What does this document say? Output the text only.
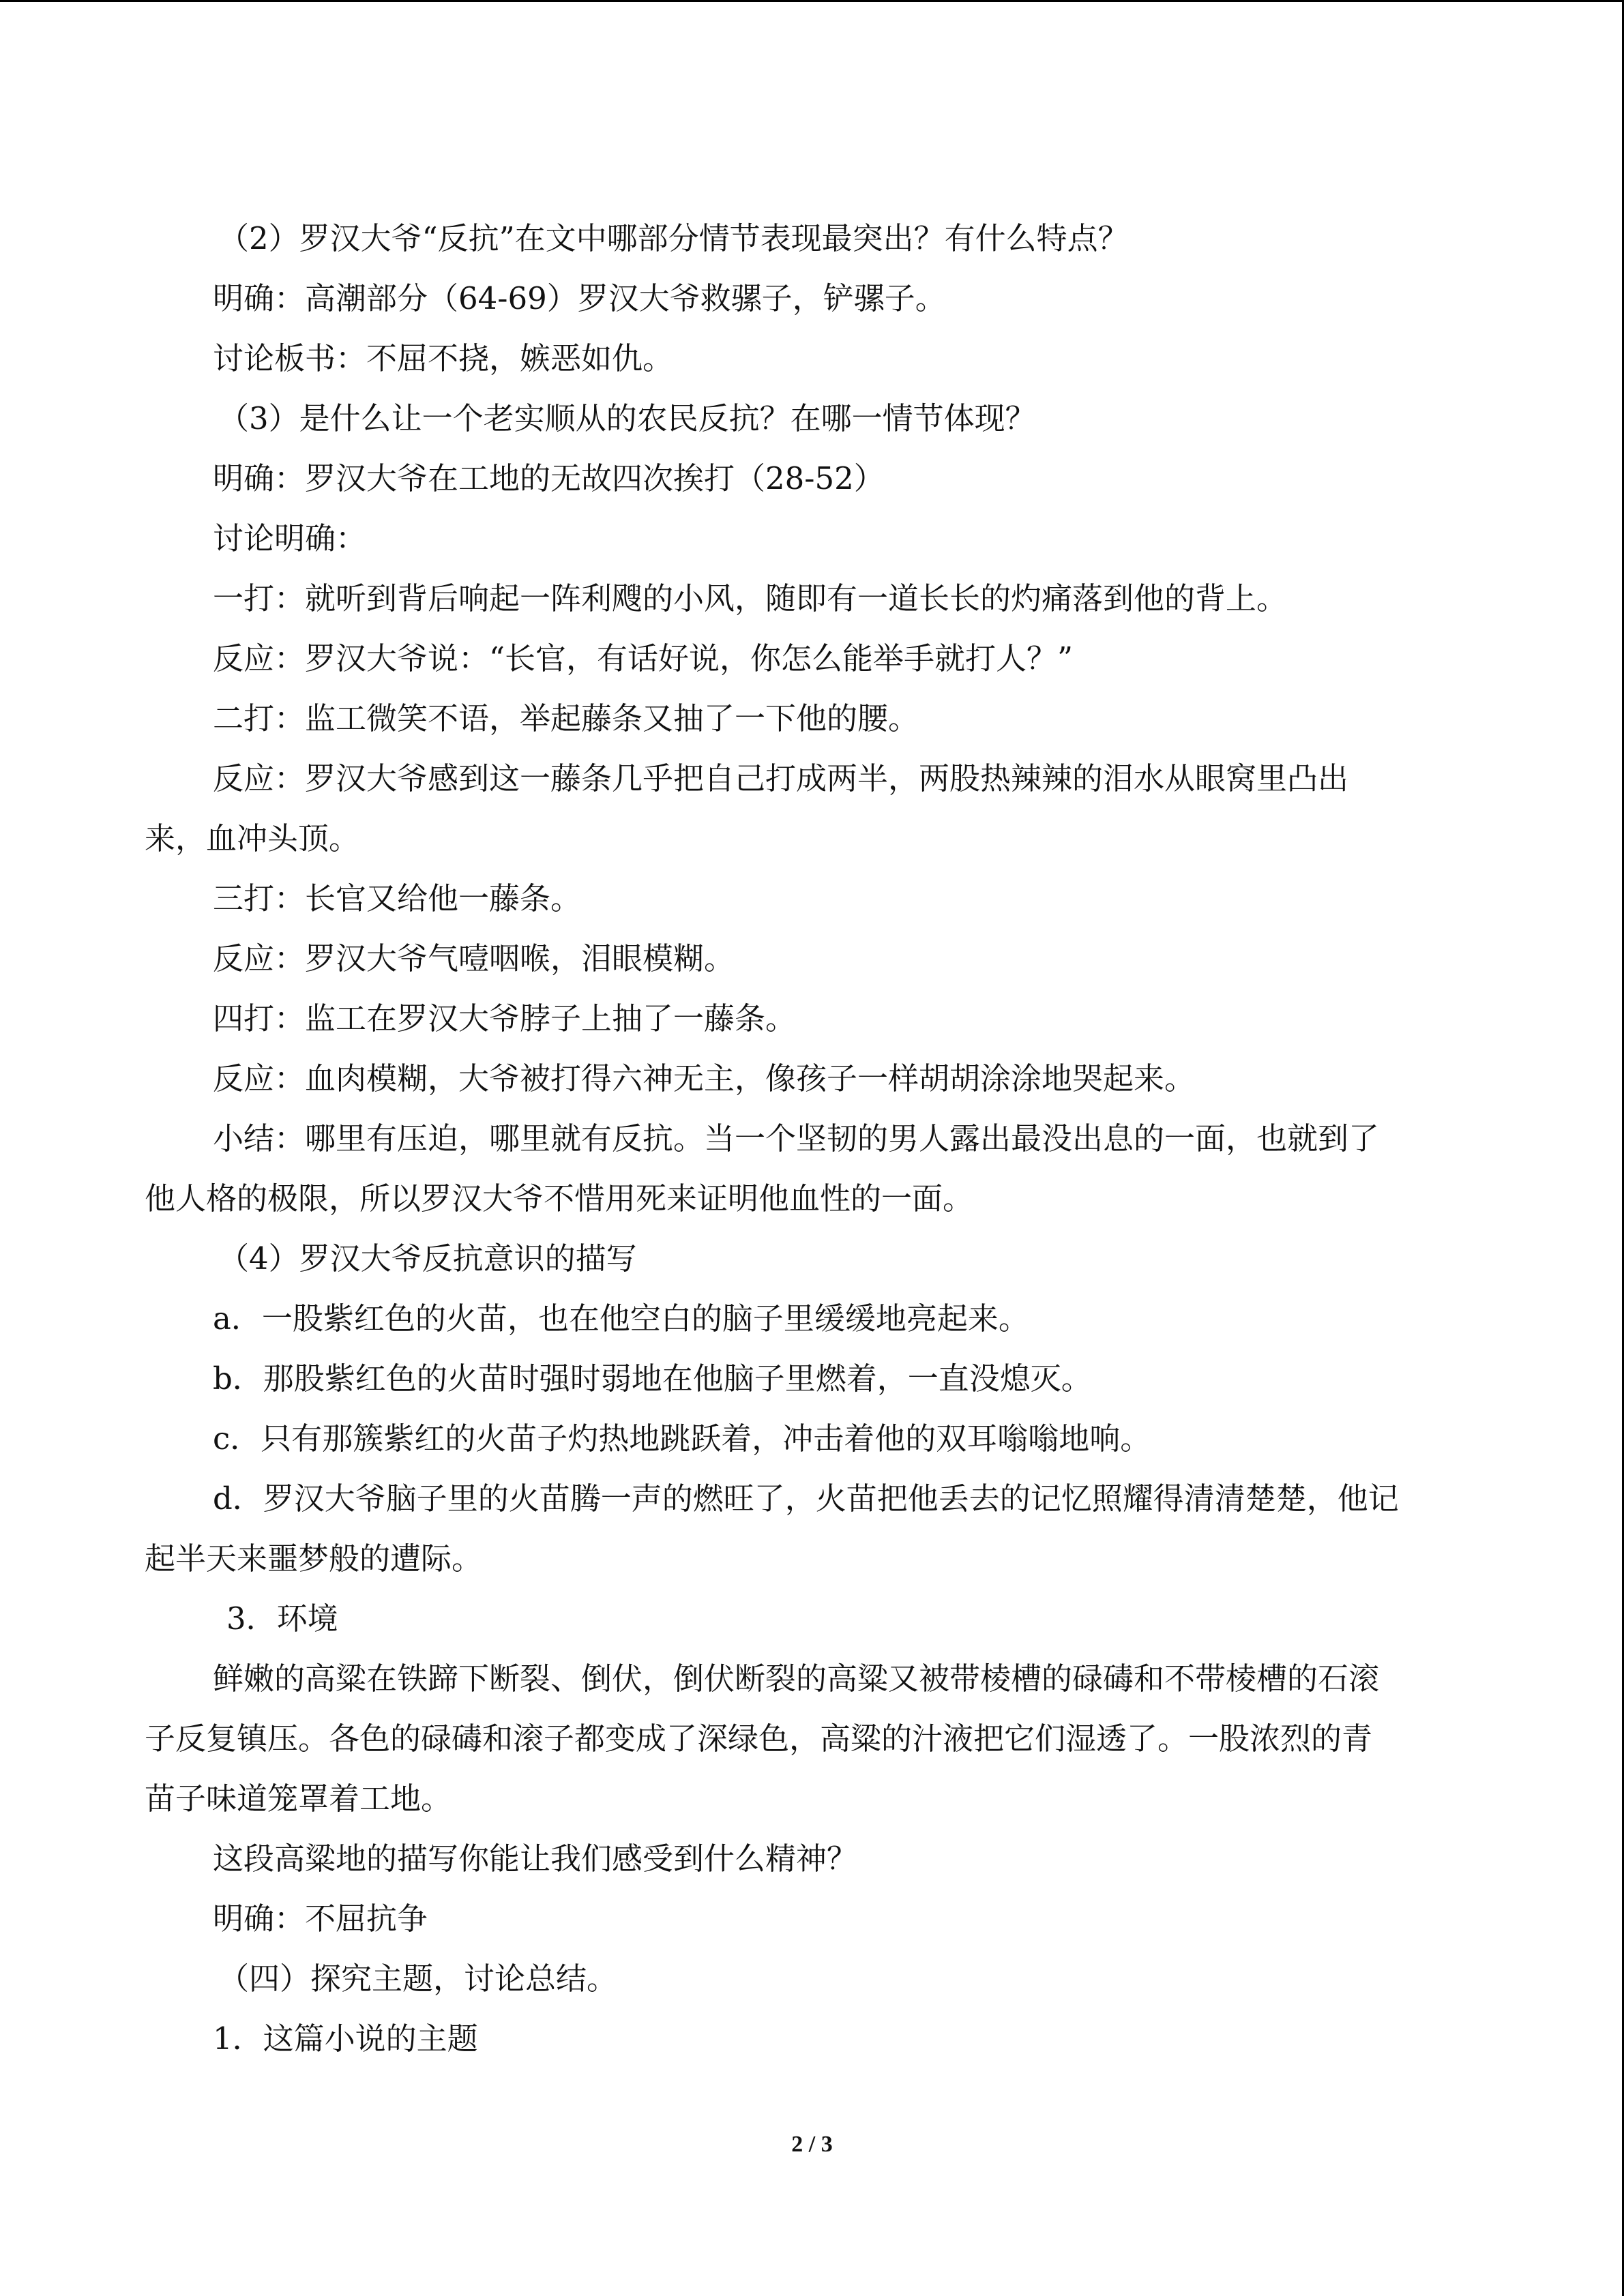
（2）罗汉大爷“反抗”在文中哪部分情节表现最突出？有什么特点？
明确：高潮部分（64-69）罗汉大爷救骡子，铲骡子。
讨论板书：不屈不挠，嫉恶如仇。
（3）是什么让一个老实顺从的农民反抗？在哪一情节体现？
明确：罗汉大爷在工地的无故四次挨打（28-52）
讨论明确：
一打：就听到背后响起一阵利飕的小风，随即有一道长长的灼痛落到他的背上。
反应：罗汉大爷说：“长官，有话好说，你怎么能举手就打人？”
二打：监工微笑不语，举起藤条又抽了一下他的腰。
反应：罗汉大爷感到这一藤条几乎把自己打成两半，两股热辣辣的泪水从眼窝里凸出
来，血冲头顶。
三打：长官又给他一藤条。
反应：罗汉大爷气噎咽喉，泪眼模糊。
四打：监工在罗汉大爷脖子上抽了一藤条。
反应：血肉模糊，大爷被打得六神无主，像孩子一样胡胡涂涂地哭起来。
小结：哪里有压迫，哪里就有反抗。当一个坚韧的男人露出最没出息的一面，也就到了
他人格的极限，所以罗汉大爷不惜用死来证明他血性的一面。
（4）罗汉大爷反抗意识的描写
a．一股紫红色的火苗，也在他空白的脑子里缓缓地亮起来。
b．那股紫红色的火苗时强时弱地在他脑子里燃着，一直没熄灭。
c．只有那簇紫红的火苗子灼热地跳跃着，冲击着他的双耳嗡嗡地响。
d．罗汉大爷脑子里的火苗腾一声的燃旺了，火苗把他丢去的记忆照耀得清清楚楚，他记
起半天来噩梦般的遭际。
3．环境
鲜嫩的高粱在铁蹄下断裂、倒伏，倒伏断裂的高粱又被带棱槽的碌碡和不带棱槽的石滚
子反复镇压。各色的碌碡和滚子都变成了深绿色，高粱的汁液把它们湿透了。一股浓烈的青
苗子味道笼罩着工地。
这段高粱地的描写你能让我们感受到什么精神？
明确：不屈抗争
（四）探究主题，讨论总结。
1．这篇小说的主题
2 / 3
